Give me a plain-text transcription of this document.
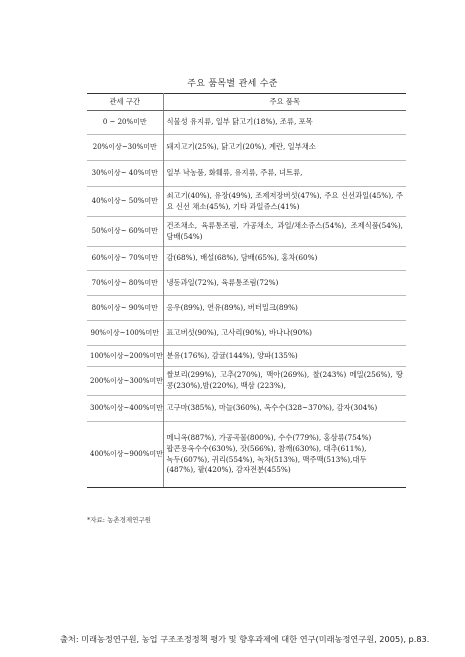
주요 품목별 관세 수준
관세 구간	주요 품목
0 ~ 20%미만	식물성 유지류, 일부 닭고기(18%), 조류, 포목

20%이상~30%미만	돼지고기(25%), 닭고기(20%), 계란, 일부채소

30%이상~ 40%미만	일부 낙농품, 화훼류, 유지류, 주류, 녀트류,

40%이상~ 50%미만	쇠고기(40%), 유장(49%), 조제저장버섯(47%), 주요 신선과일(45%), 주요 신선 채소(45%), 기타 과일쥬스(41%)

50%이상~ 60%미만	건조채소, 육류통조림, 가공채소, 과일/채소쥬스(54%), 조제식품(54%), 담배(54%)

60%이상~ 70%미만	감(68%), 배설(68%), 담배(65%), 홍차(60%)

70%이상~ 80%미만	냉동과일(72%), 육류통조림(72%)

80%이상~ 90%미만	옹우(89%), 연유(89%), 버터밀크(89%)

90%이상~100%미만	표고버섯(90%), 고사리(90%), 바나나(90%)

100%이상~200%미만	분유(176%), 감귤(144%), 양파(135%)

200%이상~300%미만	쌀보리(299%), 고추(270%), 맥아(269%), 찰(243%) 메밀(256%), 땅콩(230%),밤(220%), 백삼 (223%),

300%이상~400%미만	고구마(385%), 마늘(360%), 옥수수(328~370%), 감자(304%)

400%이상~900%미만	메니옥(887%), 가공곡물(800%), 수수(779%), 홍삼류(754%)
팝콘용옥수수(630%), 잣(566%), 참깨(630%), 대추(611%),
녹두(607%), 귀리(554%), 녹차(513%), 맥주맥(513%),대두
(487%), 팥(420%), 감자전분(455%)
*자료: 농촌경제연구원
출처: 미래농정연구원, 농업 구조조정정책 평가 및 향후과제에 대한 연구(미래농정연구원, 2005), p.83.
